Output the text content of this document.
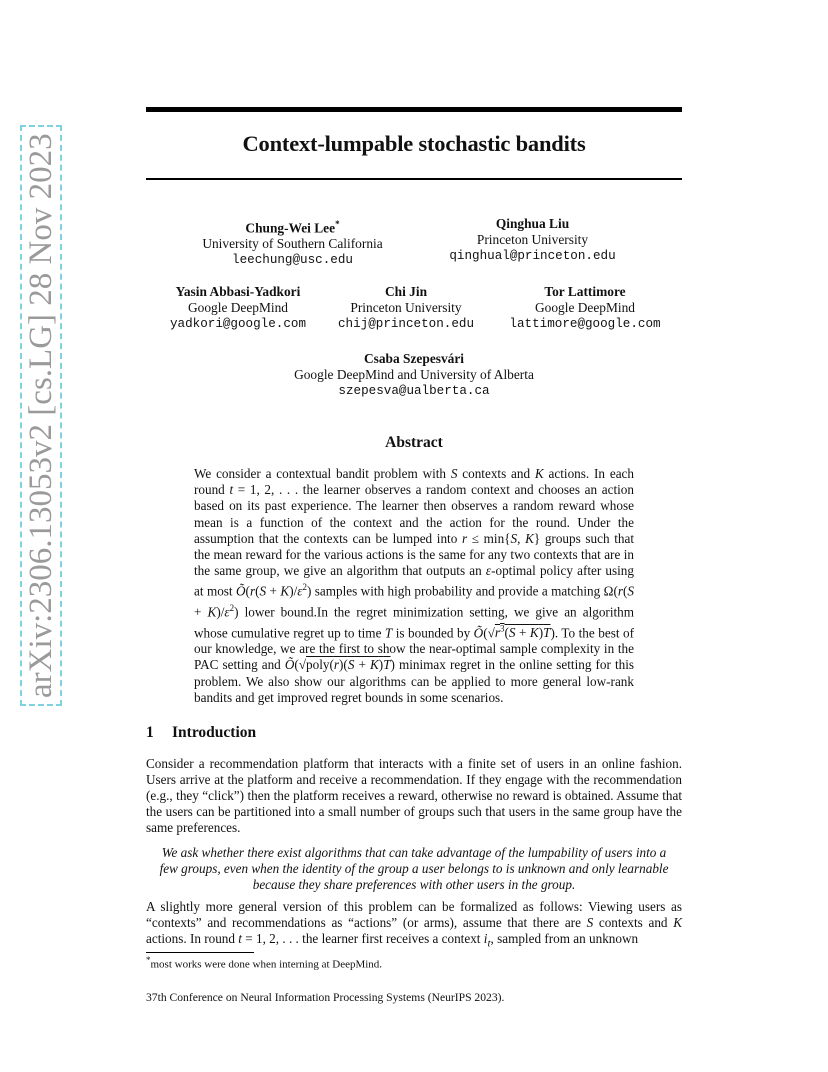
arXiv:2306.13053v2 [cs.LG] 28 Nov 2023	Context-lumpable stochastic bandits
Chung-Wei Lee*
University of Southern California
leechung@usc.edu
Qinghua Liu
Princeton University
qinghual@princeton.edu
Yasin Abbasi-Yadkori
Google DeepMind
yadkori@google.com
Chi Jin
Princeton University
chij@princeton.edu
Tor Lattimore
Google DeepMind
lattimore@google.com
Csaba Szepesvári
Google DeepMind and University of Alberta
szepesva@ualberta.ca
Abstract

We consider a contextual bandit problem with S contexts and K actions. In each round t = 1, 2, . . . the learner observes a random context and chooses an action based on its past experience. The learner then observes a random reward whose mean is a function of the context and the action for the round. Under the assumption that the contexts can be lumped into r ≤ min{S, K} groups such that the mean reward for the various actions is the same for any two contexts that are in the same group, we give an algorithm that outputs an ε-optimal policy after using at most Õ(r(S + $K)/\varepsilon^2$) samples with high probability and provide a matching $\Omega(r(S + K)/\varepsilon^2)$ lower bound.In the regret minimization setting, we give an algorithm whose cumulative regret up to time T is bounded by $Õ(√r^3(S + K)T)$. To the best of our knowledge, we are the first to show the near-optimal sample complexity in the PAC setting and Õ(√poly(r)(S + K)T) minimax regret in the online setting for this problem. We also show our algorithms can be applied to more general low-rank bandits and get improved regret bounds in some scenarios.

1 Introduction

Consider a recommendation platform that interacts with a finite set of users in an online fashion. Users arrive at the platform and receive a recommendation. If they engage with the recommendation (e.g., they “click”) then the platform receives a reward, otherwise no reward is obtained. Assume that the users can be partitioned into a small number of groups such that users in the same group have the same preferences.

We ask whether there exist algorithms that can take advantage of the lumpability of users into a few groups, even when the identity of the group a user belongs to is unknown and only learnable because they share preferences with other users in the group.

A slightly more general version of this problem can be formalized as follows: Viewing users as “contexts” and recommendations as “actions” (or arms), assume that there are S contexts and K actions. In round t = 1, 2, . . . the learner first receives a context $i_t$, sampled from an unknown

*most works were done when interning at DeepMind.
37th Conference on Neural Information Processing Systems (NeurIPS 2023).
